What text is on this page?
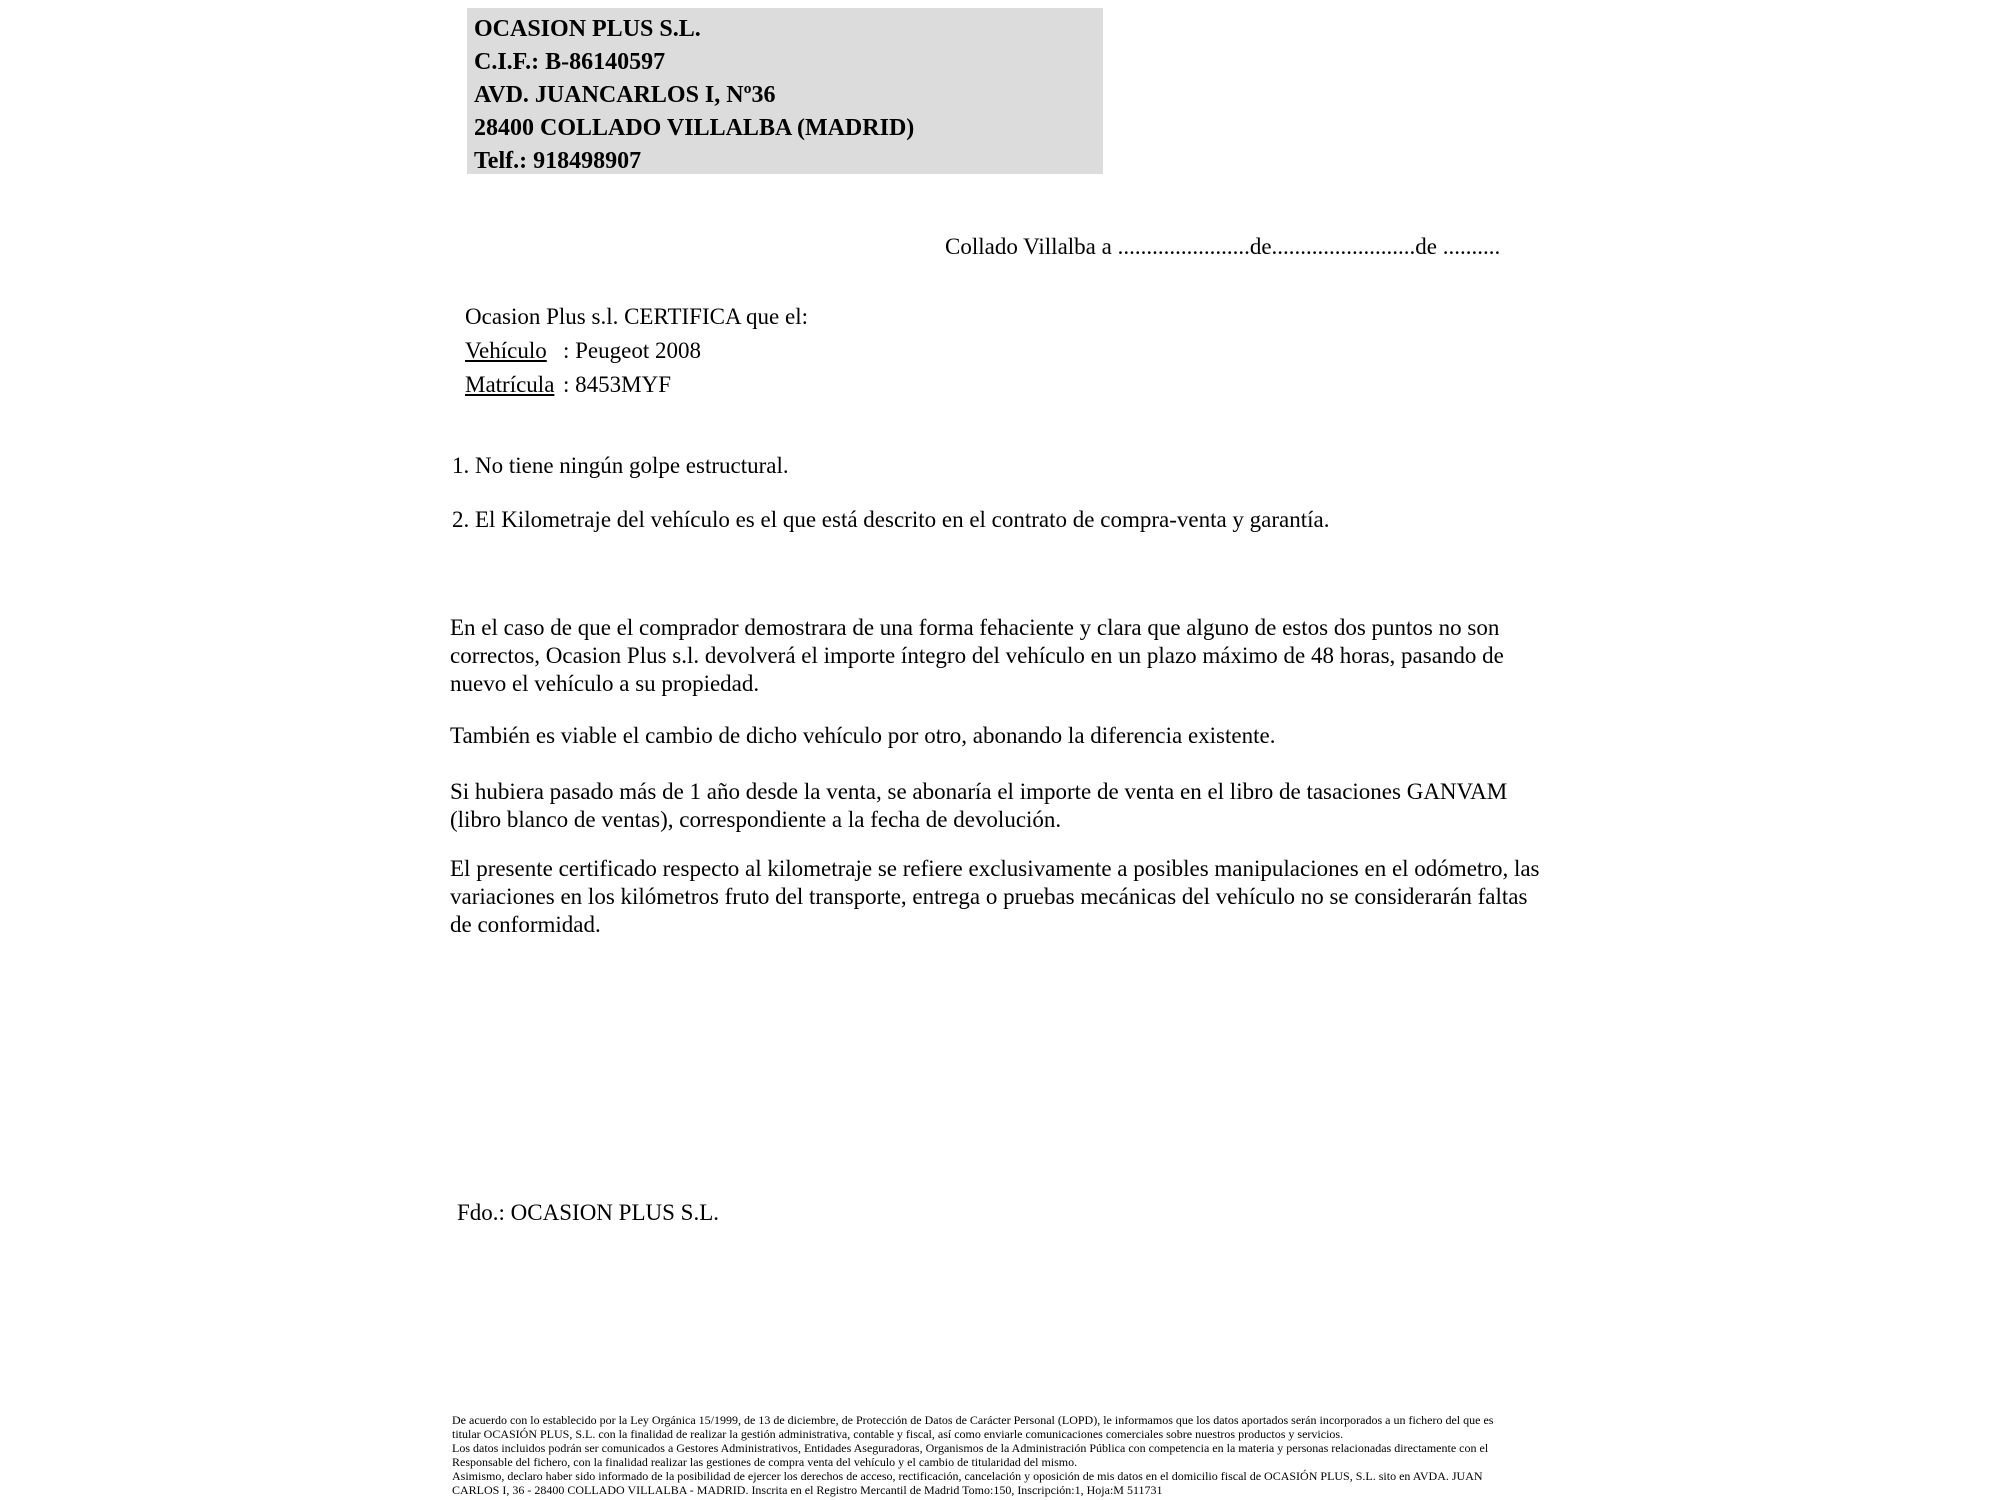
OCASION PLUS S.L.
C.I.F.: B-86140597
AVD. JUANCARLOS I, Nº36
28400 COLLADO VILLALBA (MADRID)
Telf.: 918498907
Collado Villalba a .......................de.........................de ..........
Ocasion Plus s.l. CERTIFICA que el:
Vehículo : Peugeot 2008
Matrícula : 8453MYF
1. No tiene ningún golpe estructural.
2. El Kilometraje del vehículo es el que está descrito en el contrato de compra-venta y garantía.
En el caso de que el comprador demostrara de una forma fehaciente y clara que alguno de estos dos puntos no son correctos, Ocasion Plus s.l. devolverá el importe íntegro del vehículo en un plazo máximo de 48 horas, pasando de nuevo el vehículo a su propiedad.
También es viable el cambio de dicho vehículo por otro, abonando la diferencia existente.
Si hubiera pasado más de 1 año desde la venta, se abonaría el importe de venta en el libro de tasaciones GANVAM (libro blanco de ventas), correspondiente a la fecha de devolución.
El presente certificado respecto al kilometraje se refiere exclusivamente a posibles manipulaciones en el odómetro, las variaciones en los kilómetros fruto del transporte, entrega o pruebas mecánicas del vehículo no se considerarán faltas de conformidad.
Fdo.: OCASION PLUS S.L.
De acuerdo con lo establecido por la Ley Orgánica 15/1999, de 13 de diciembre, de Protección de Datos de Carácter Personal (LOPD), le informamos que los datos aportados serán incorporados a un fichero del que es titular OCASIÓN PLUS, S.L. con la finalidad de realizar la gestión administrativa, contable y fiscal, así como enviarle comunicaciones comerciales sobre nuestros productos y servicios.
Los datos incluidos podrán ser comunicados a Gestores Administrativos, Entidades Aseguradoras, Organismos de la Administración Pública con competencia en la materia y personas relacionadas directamente con el Responsable del fichero, con la finalidad realizar las gestiones de compra venta del vehículo y el cambio de titularidad del mismo.
Asimismo, declaro haber sido informado de la posibilidad de ejercer los derechos de acceso, rectificación, cancelación y oposición de mis datos en el domicilio fiscal de OCASIÓN PLUS, S.L. sito en AVDA. JUAN CARLOS I, 36 - 28400 COLLADO VILLALBA - MADRID. Inscrita en el Registro Mercantil de Madrid Tomo:150, Inscripción:1, Hoja:M 511731
